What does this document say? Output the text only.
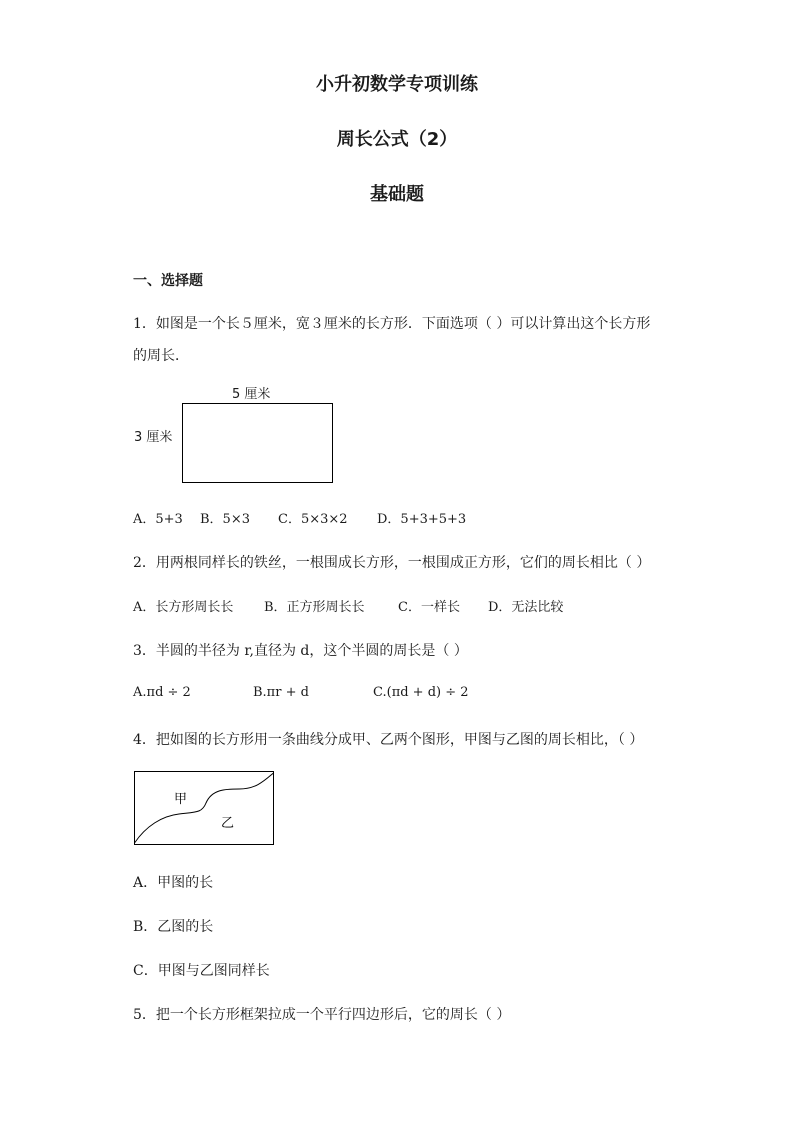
小升初数学专项训练
周长公式（2）
基础题
一、选择题
1．如图是一个长５厘米，宽３厘米的长方形．下面选项（ ）可以计算出这个长方形
的周长．
5 厘米
3 厘米
A．5+3 B．5×3 C．5×3×2 D．5+3+5+3
2．用两根同样长的铁丝，一根围成长方形，一根围成正方形，它们的周长相比（ ）
A．长方形周长长 B．正方形周长长	C．一样长 D．无法比较
3．半圆的半径为 r,直径为 d，这个半圆的周长是（ ）
A.πd ÷ 2	B.πr + d	C.(πd + d) ÷ 2
4．把如图的长方形用一条曲线分成甲、乙两个图形，甲图与乙图的周长相比，（ ）
甲
乙
A．甲图的长
B．乙图的长
C．甲图与乙图同样长
5．把一个长方形框架拉成一个平行四边形后，它的周长（ ）
